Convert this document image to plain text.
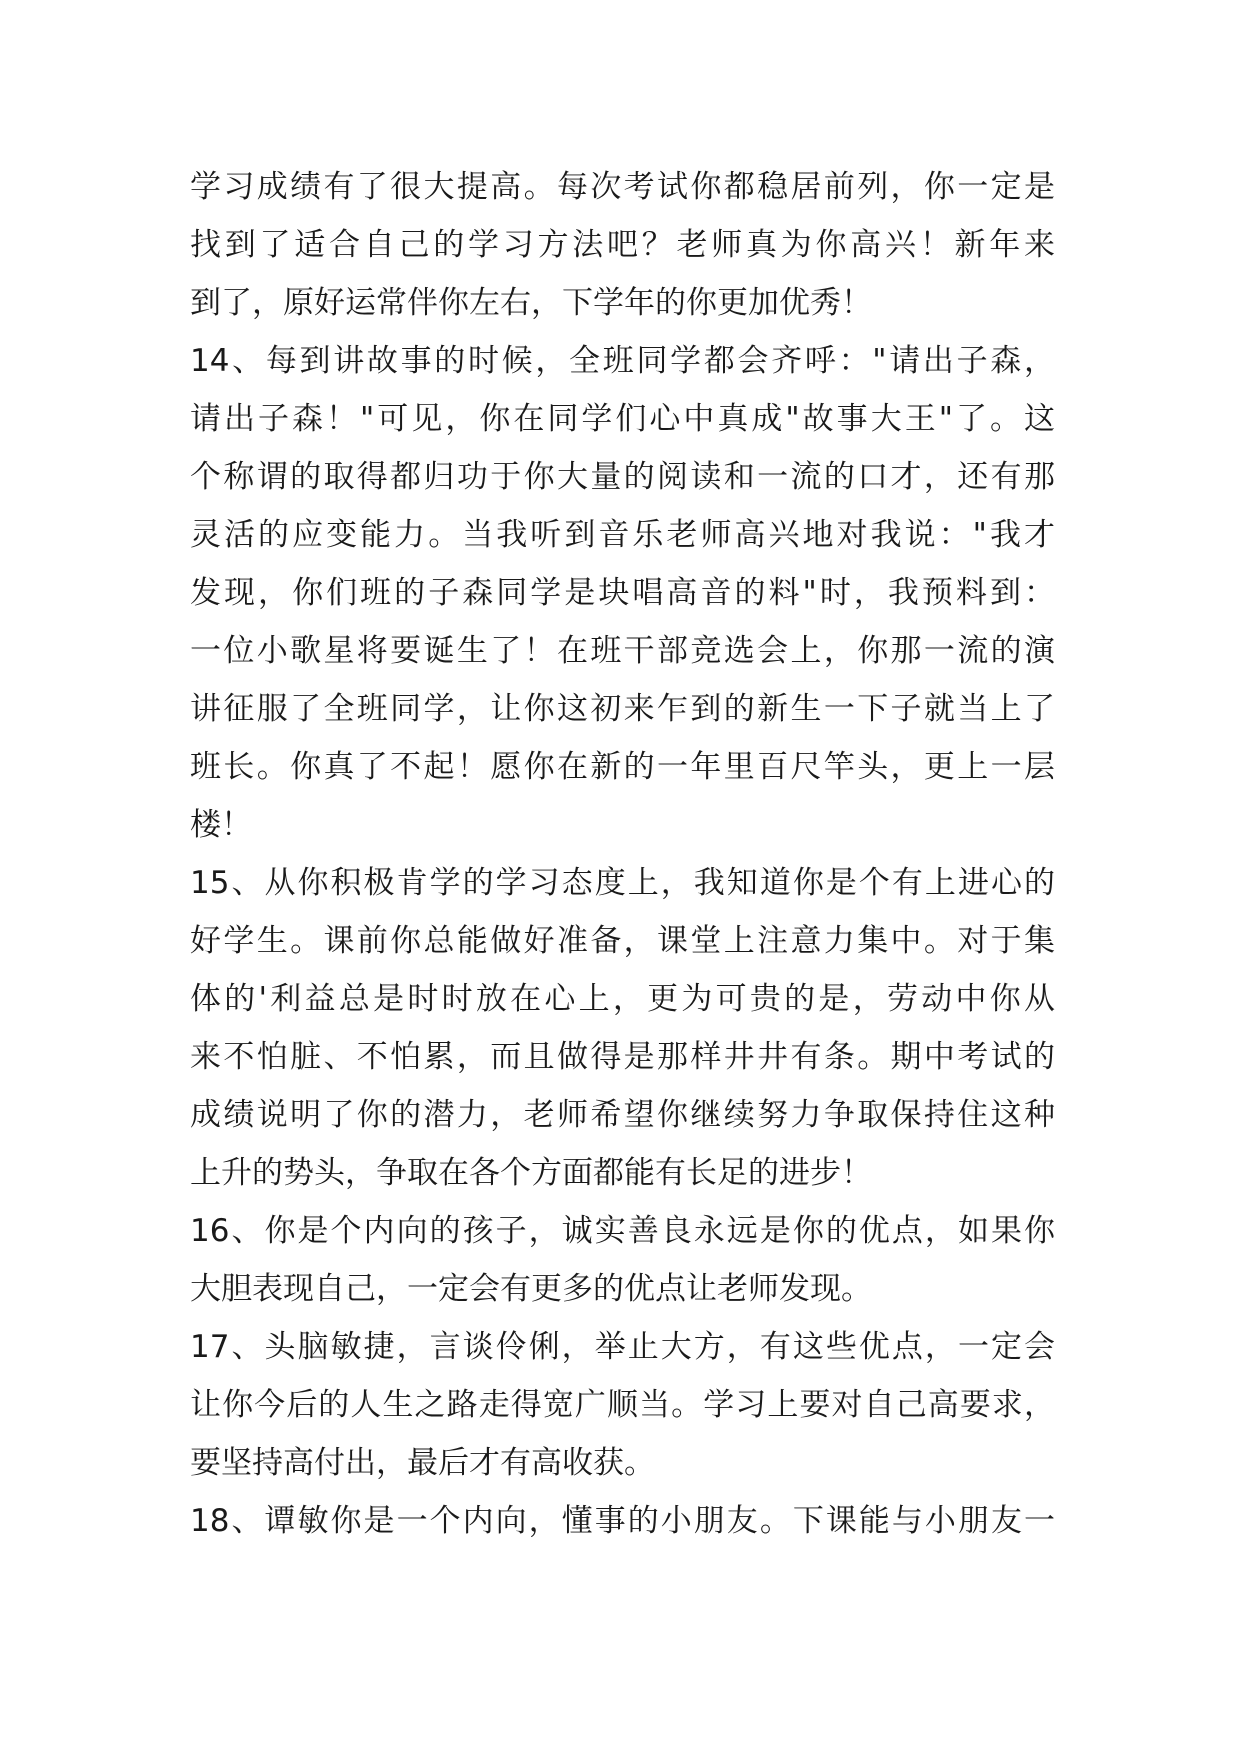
学习成绩有了很大提高。每次考试你都稳居前列，你一定是
找到了适合自己的学习方法吧？老师真为你高兴！新年来
到了，原好运常伴你左右，下学年的你更加优秀！
14、每到讲故事的时候，全班同学都会齐呼："请出子森，
请出子森！"可见，你在同学们心中真成"故事大王"了。这
个称谓的取得都归功于你大量的阅读和一流的口才，还有那
灵活的应变能力。当我听到音乐老师高兴地对我说："我才
发现，你们班的子森同学是块唱高音的料"时，我预料到：
一位小歌星将要诞生了！在班干部竞选会上，你那一流的演
讲征服了全班同学，让你这初来乍到的新生一下子就当上了
班长。你真了不起！愿你在新的一年里百尺竿头，更上一层
楼！
15、从你积极肯学的学习态度上，我知道你是个有上进心的
好学生。课前你总能做好准备，课堂上注意力集中。对于集
体的'利益总是时时放在心上，更为可贵的是，劳动中你从
来不怕脏、不怕累，而且做得是那样井井有条。期中考试的
成绩说明了你的潜力，老师希望你继续努力争取保持住这种
上升的势头，争取在各个方面都能有长足的进步！
16、你是个内向的孩子，诚实善良永远是你的优点，如果你
大胆表现自己，一定会有更多的优点让老师发现。
17、头脑敏捷，言谈伶俐，举止大方，有这些优点，一定会
让你今后的人生之路走得宽广顺当。学习上要对自己高要求，
要坚持高付出，最后才有高收获。
18、谭敏你是一个内向，懂事的小朋友。下课能与小朋友一
